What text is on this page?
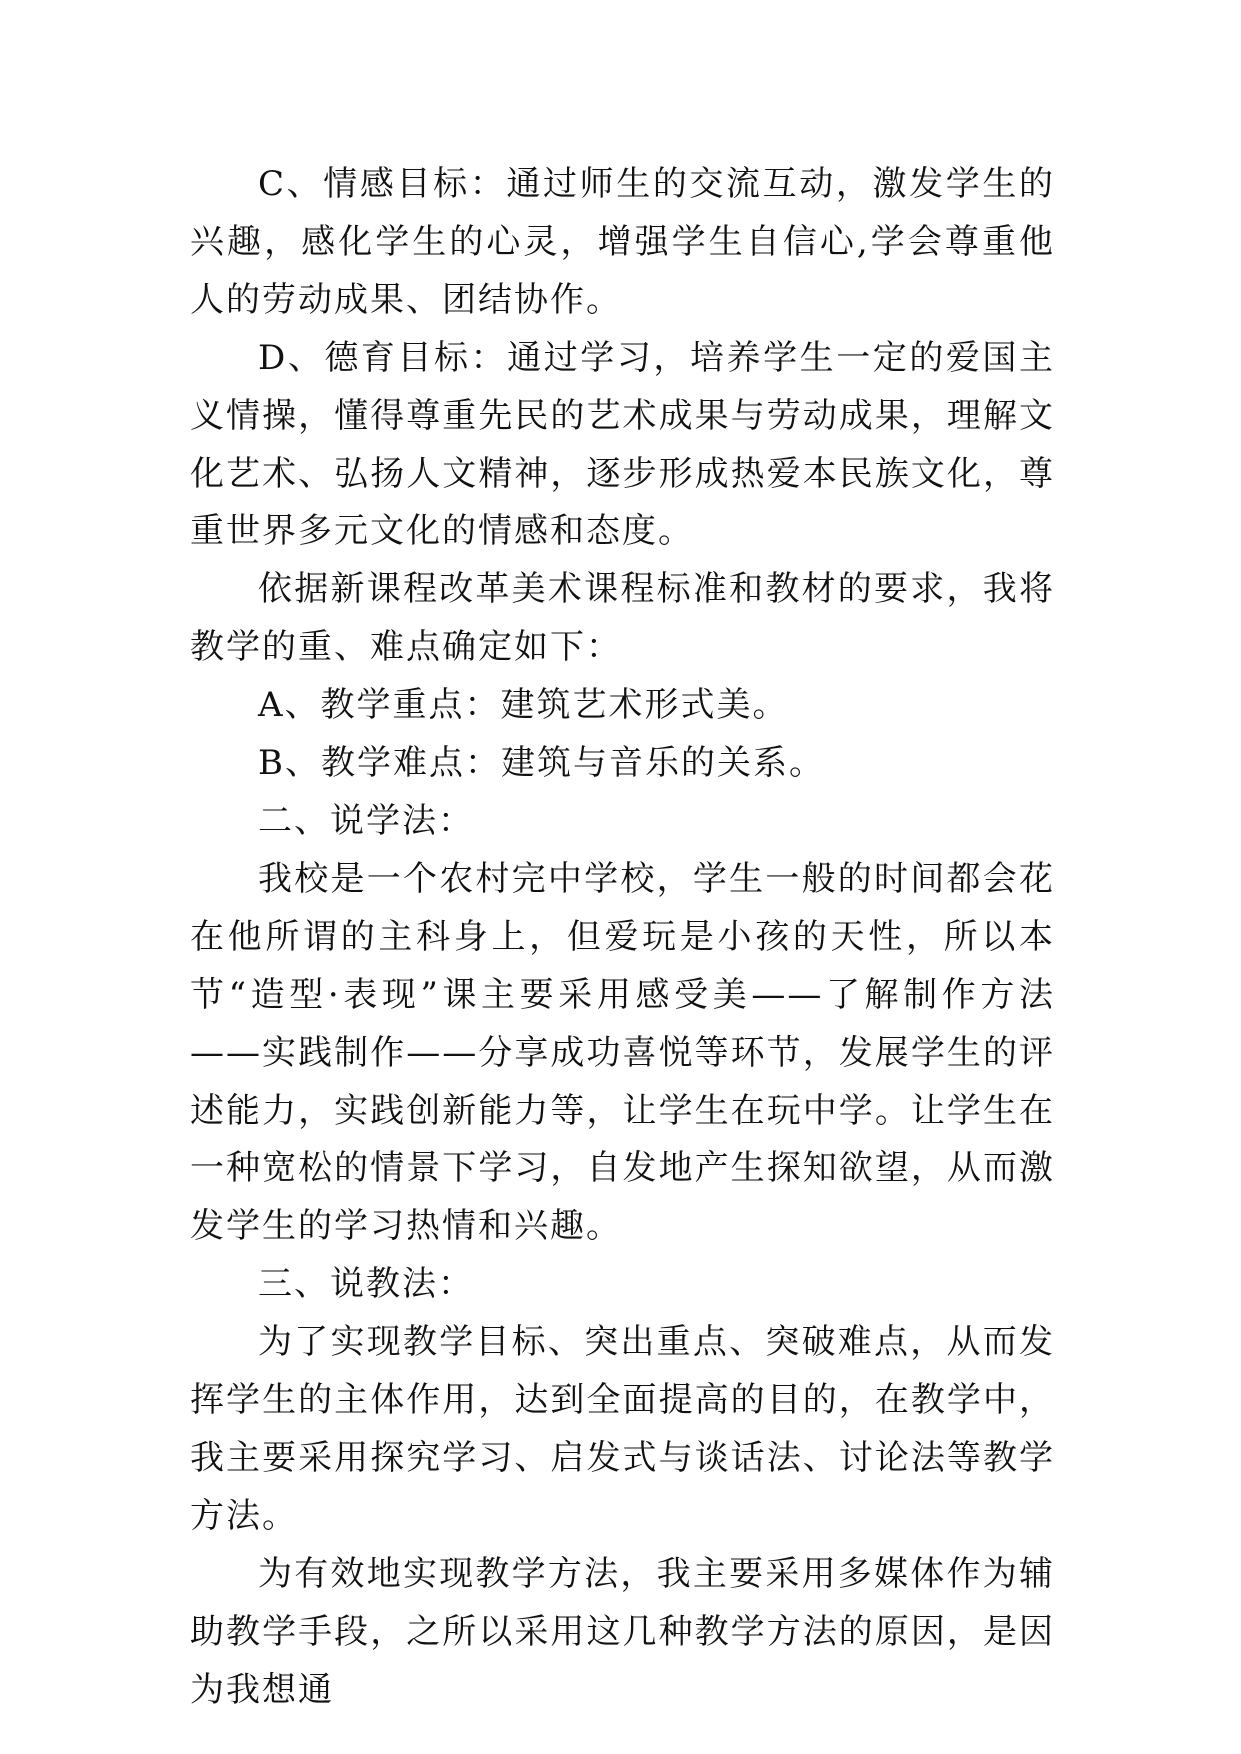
C、情感目标：通过师生的交流互动，激发学生的兴趣，感化学生的心灵，增强学生自信心,学会尊重他人的劳动成果、团结协作。

D、德育目标：通过学习，培养学生一定的爱国主义情操，懂得尊重先民的艺术成果与劳动成果，理解文化艺术、弘扬人文精神，逐步形成热爱本民族文化，尊重世界多元文化的情感和态度。

依据新课程改革美术课程标准和教材的要求，我将教学的重、难点确定如下：

A、教学重点：建筑艺术形式美。

B、教学难点：建筑与音乐的关系。

二、说学法：

我校是一个农村完中学校，学生一般的时间都会花在他所谓的主科身上，但爱玩是小孩的天性，所以本节“造型·表现”课主要采用感受美——了解制作方法——实践制作——分享成功喜悦等环节，发展学生的评述能力，实践创新能力等，让学生在玩中学。让学生在一种宽松的情景下学习，自发地产生探知欲望，从而激发学生的学习热情和兴趣。

三、说教法：

为了实现教学目标、突出重点、突破难点，从而发挥学生的主体作用，达到全面提高的目的，在教学中，我主要采用探究学习、启发式与谈话法、讨论法等教学方法。

为有效地实现教学方法，我主要采用多媒体作为辅助教学手段，之所以采用这几种教学方法的原因，是因为我想通
